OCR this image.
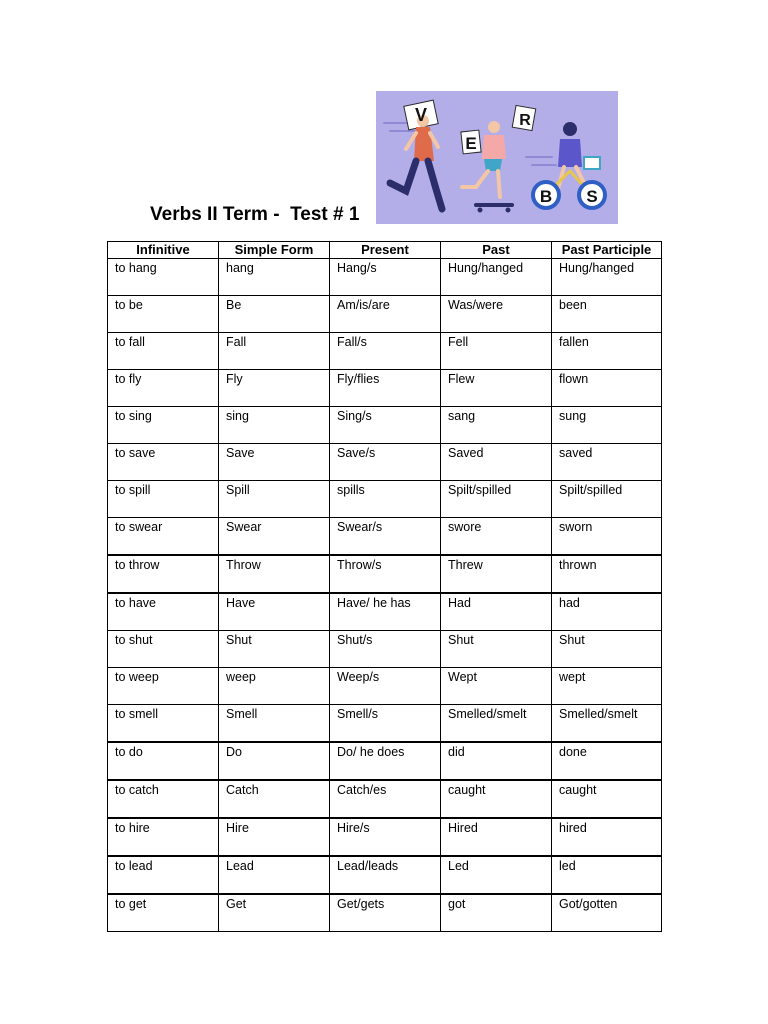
Verbs II Term -  Test # 1
V
E
R
B S
Infinitive	Simple Form	Present	Past	Past Participle
to hang	hang	Hang/s	Hung/hanged	Hung/hanged
to be	Be	Am/is/are	Was/were	been
to fall	Fall	Fall/s	Fell	fallen
to fly	Fly	Fly/flies	Flew	flown
to sing	sing	Sing/s	sang	sung
to save	Save	Save/s	Saved	saved
to spill	Spill	spills	Spilt/spilled	Spilt/spilled
to swear	Swear	Swear/s	swore	sworn
to throw	Throw	Throw/s	Threw	thrown
to have	Have	Have/ he has	Had	had
to shut	Shut	Shut/s	Shut	Shut
to weep	weep	Weep/s	Wept	wept
to smell	Smell	Smell/s	Smelled/smelt	Smelled/smelt
to do	Do	Do/ he does	did	done
to catch	Catch	Catch/es	caught	caught
to hire	Hire	Hire/s	Hired	hired
to lead	Lead	Lead/leads	Led	led
to get	Get	Get/gets	got	Got/gotten
